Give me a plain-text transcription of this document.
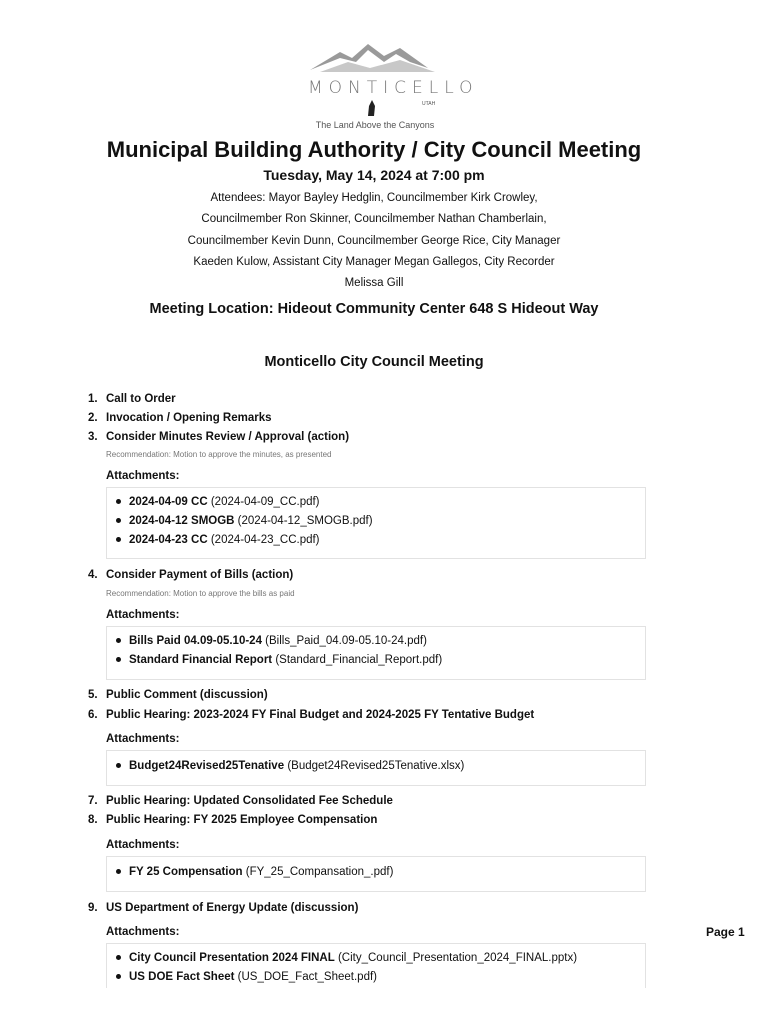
MONTICELLO
UTAH
The Land Above the Canyons
Municipal Building Authority / City Council Meeting
Tuesday, May 14, 2024 at 7:00 pm
Attendees: Mayor Bayley Hedglin, Councilmember Kirk Crowley,
Councilmember Ron Skinner, Councilmember Nathan Chamberlain,
Councilmember Kevin Dunn, Councilmember George Rice, City Manager
Kaeden Kulow, Assistant City Manager Megan Gallegos, City Recorder
Melissa Gill
Meeting Location: Hideout Community Center 648 S Hideout Way
Monticello City Council Meeting
1. Call to Order
2. Invocation / Opening Remarks
3. Consider Minutes Review / Approval (action)
Recommendation: Motion to approve the minutes, as presented
Attachments:
2024-04-09 CC (2024-04-09_CC.pdf)
2024-04-12 SMOGB (2024-04-12_SMOGB.pdf)
2024-04-23 CC (2024-04-23_CC.pdf)
4. Consider Payment of Bills (action)
Recommendation: Motion to approve the bills as paid
Attachments:
Bills Paid 04.09-05.10-24 (Bills_Paid_04.09-05.10-24.pdf)
Standard Financial Report (Standard_Financial_Report.pdf)
5. Public Comment (discussion)
6. Public Hearing: 2023-2024 FY Final Budget and 2024-2025 FY Tentative Budget
Attachments:
Budget24Revised25Tenative (Budget24Revised25Tenative.xlsx)
7. Public Hearing: Updated Consolidated Fee Schedule
8. Public Hearing: FY 2025 Employee Compensation
Attachments:
FY 25 Compensation (FY_25_Compansation_.pdf)
9. US Department of Energy Update (discussion)
Attachments:
City Council Presentation 2024 FINAL (City_Council_Presentation_2024_FINAL.pptx)
US DOE Fact Sheet (US_DOE_Fact_Sheet.pdf)
Page 1
